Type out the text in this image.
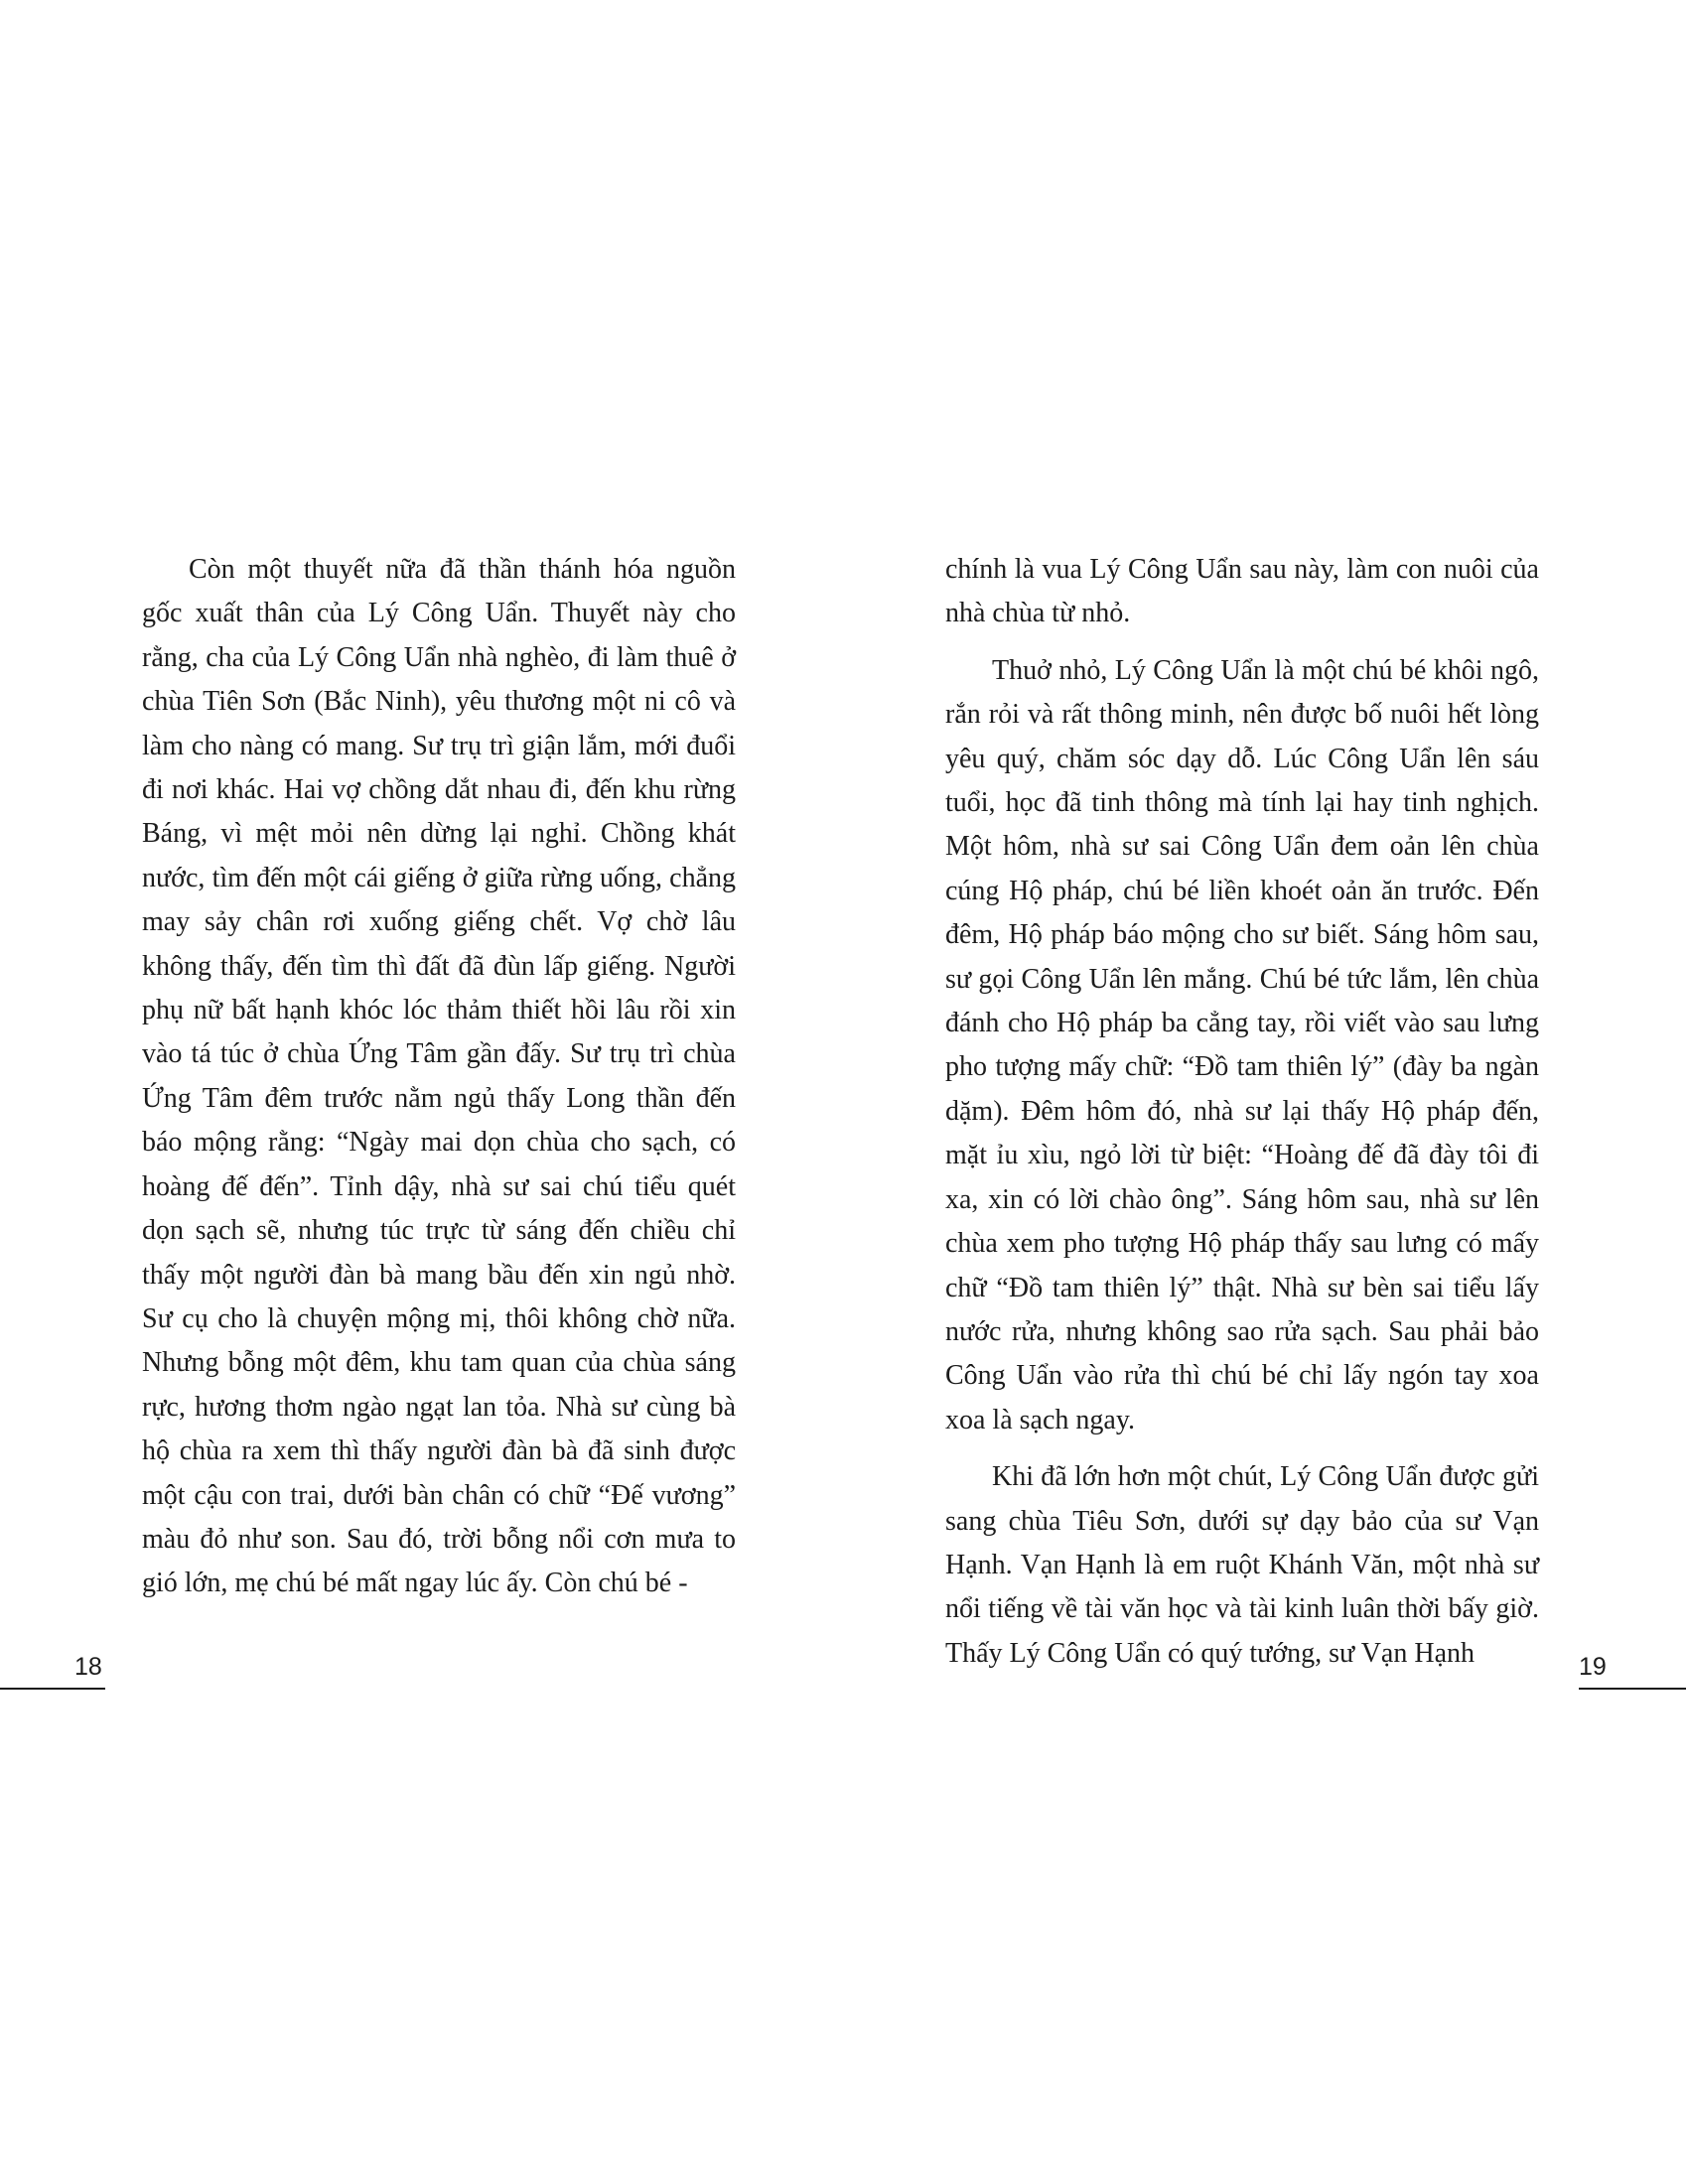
Còn một thuyết nữa đã thần thánh hóa nguồn gốc xuất thân của Lý Công Uẩn. Thuyết này cho rằng, cha của Lý Công Uẩn nhà nghèo, đi làm thuê ở chùa Tiên Sơn (Bắc Ninh), yêu thương một ni cô và làm cho nàng có mang. Sư trụ trì giận lắm, mới đuổi đi nơi khác. Hai vợ chồng dắt nhau đi, đến khu rừng Báng, vì mệt mỏi nên dừng lại nghỉ. Chồng khát nước, tìm đến một cái giếng ở giữa rừng uống, chẳng may sảy chân rơi xuống giếng chết. Vợ chờ lâu không thấy, đến tìm thì đất đã đùn lấp giếng. Người phụ nữ bất hạnh khóc lóc thảm thiết hồi lâu rồi xin vào tá túc ở chùa Ứng Tâm gần đấy. Sư trụ trì chùa Ứng Tâm đêm trước nằm ngủ thấy Long thần đến báo mộng rằng: “Ngày mai dọn chùa cho sạch, có hoàng đế đến”. Tỉnh dậy, nhà sư sai chú tiểu quét dọn sạch sẽ, nhưng túc trực từ sáng đến chiều chỉ thấy một người đàn bà mang bầu đến xin ngủ nhờ. Sư cụ cho là chuyện mộng mị, thôi không chờ nữa. Nhưng bỗng một đêm, khu tam quan của chùa sáng rực, hương thơm ngào ngạt lan tỏa. Nhà sư cùng bà hộ chùa ra xem thì thấy người đàn bà đã sinh được một cậu con trai, dưới bàn chân có chữ “Đế vương” màu đỏ như son. Sau đó, trời bỗng nổi cơn mưa to gió lớn, mẹ chú bé mất ngay lúc ấy. Còn chú bé -

18

chính là vua Lý Công Uẩn sau này, làm con nuôi của nhà chùa từ nhỏ.

Thuở nhỏ, Lý Công Uẩn là một chú bé khôi ngô, rắn rỏi và rất thông minh, nên được bố nuôi hết lòng yêu quý, chăm sóc dạy dỗ. Lúc Công Uẩn lên sáu tuổi, học đã tinh thông mà tính lại hay tinh nghịch. Một hôm, nhà sư sai Công Uẩn đem oản lên chùa cúng Hộ pháp, chú bé liền khoét oản ăn trước. Đến đêm, Hộ pháp báo mộng cho sư biết. Sáng hôm sau, sư gọi Công Uẩn lên mắng. Chú bé tức lắm, lên chùa đánh cho Hộ pháp ba cẳng tay, rồi viết vào sau lưng pho tượng mấy chữ: “Đồ tam thiên lý” (đày ba ngàn dặm). Đêm hôm đó, nhà sư lại thấy Hộ pháp đến, mặt ỉu xìu, ngỏ lời từ biệt: “Hoàng đế đã đày tôi đi xa, xin có lời chào ông”. Sáng hôm sau, nhà sư lên chùa xem pho tượng Hộ pháp thấy sau lưng có mấy chữ “Đồ tam thiên lý” thật. Nhà sư bèn sai tiểu lấy nước rửa, nhưng không sao rửa sạch. Sau phải bảo Công Uẩn vào rửa thì chú bé chỉ lấy ngón tay xoa xoa là sạch ngay.

Khi đã lớn hơn một chút, Lý Công Uẩn được gửi sang chùa Tiêu Sơn, dưới sự dạy bảo của sư Vạn Hạnh. Vạn Hạnh là em ruột Khánh Văn, một nhà sư nổi tiếng về tài văn học và tài kinh luân thời bấy giờ. Thấy Lý Công Uẩn có quý tướng, sư Vạn Hạnh	19
